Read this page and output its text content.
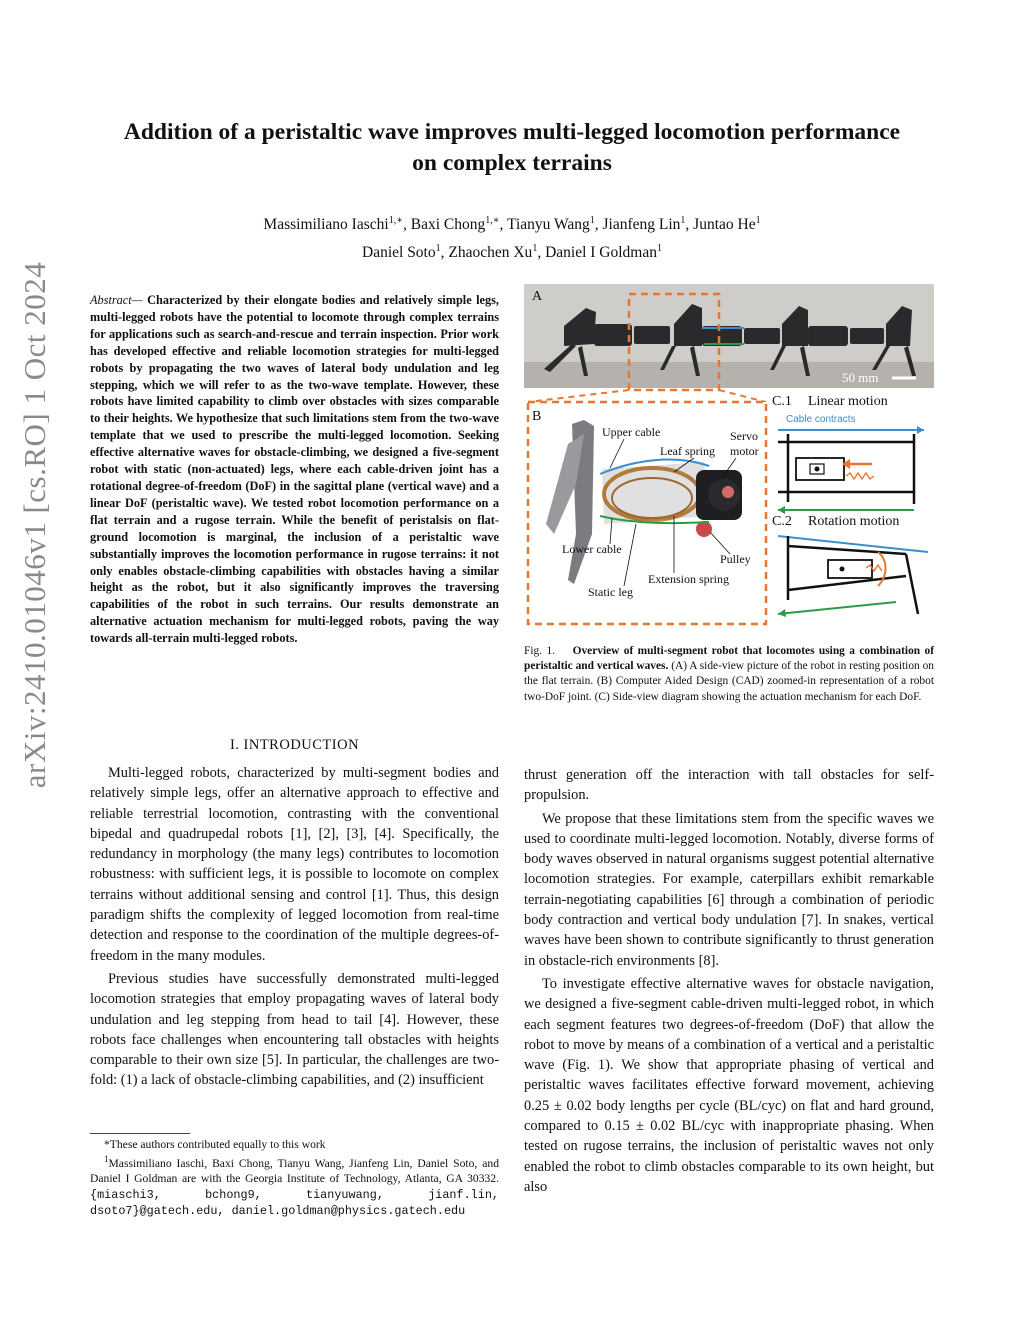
arXiv:2410.01046v1 [cs.RO] 1 Oct 2024
Addition of a peristaltic wave improves multi-legged locomotion performance on complex terrains
Massimiliano Iaschi$^{1,∗}$, Baxi Chong$^{1,∗}$, Tianyu Wang$^1$, Jianfeng Lin$^1$, Juntao He$^1$
Daniel Soto$^1$, Zhaochen Xu$^1$, Daniel I Goldman$^1$
Abstract— Characterized by their elongate bodies and relatively simple legs, multi-legged robots have the potential to locomote through complex terrains for applications such as search-and-rescue and terrain inspection. Prior work has developed effective and reliable locomotion strategies for multi-legged robots by propagating the two waves of lateral body undulation and leg stepping, which we will refer to as the two-wave template. However, these robots have limited capability to climb over obstacles with sizes comparable to their heights. We hypothesize that such limitations stem from the two-wave template that we used to prescribe the multi-legged locomotion. Seeking effective alternative waves for obstacle-climbing, we designed a five-segment robot with static (non-actuated) legs, where each cable-driven joint has a rotational degree-of-freedom (DoF) in the sagittal plane (vertical wave) and a linear DoF (peristaltic wave). We tested robot locomotion performance on a flat terrain and a rugose terrain. While the benefit of peristalsis on flat-ground locomotion is marginal, the inclusion of a peristaltic wave substantially improves the locomotion performance in rugose terrains: it not only enables obstacle-climbing capabilities with obstacles having a similar height as the robot, but it also significantly improves the traversing capabilities of the robot in such terrains. Our results demonstrate an alternative actuation mechanism for multi-legged robots, paving the way towards all-terrain multi-legged robots.
I. INTRODUCTION

Multi-legged robots, characterized by multi-segment bodies and relatively simple legs, offer an alternative approach to effective and reliable terrestrial locomotion, contrasting with the conventional bipedal and quadrupedal robots [1], [2], [3], [4]. Specifically, the redundancy in morphology (the many legs) contributes to locomotion robustness: with sufficient legs, it is possible to locomote on complex terrains without additional sensing and control [1]. Thus, this design paradigm shifts the complexity of legged locomotion from real-time detection and response to the coordination of the multiple degrees-of-freedom in the many modules.

Previous studies have successfully demonstrated multi-legged locomotion strategies that employ propagating waves of lateral body undulation and leg stepping from head to tail [4]. However, these robots face challenges when encountering tall obstacles with heights comparable to their own size [5]. In particular, the challenges are two-fold: (1) a lack of obstacle-climbing capabilities, and (2) insufficient

*These authors contributed equally to this work

$^1$Massimiliano Iaschi, Baxi Chong, Tianyu Wang, Jianfeng Lin, Daniel Soto, and Daniel I Goldman are with the Georgia Institute of Technology, Atlanta, GA 30332. {miaschi3, bchong9, tianyuwang, jianf.lin, dsoto7}@gatech.edu, daniel.goldman@physics.gatech.edu

A
50 mm
B
Upper cable	Servo
motor
Leaf spring
Lower cable
Pulley
Extension spring
Static leg
C.1 Linear motion
C.2 Rotation motion
Cable contracts
Fig. 1. Overview of multi-segment robot that locomotes using a combination of peristaltic and vertical waves. (A) A side-view picture of the robot in resting position on the flat terrain. (B) Computer Aided Design (CAD) zoomed-in representation of a robot two-DoF joint. (C) Side-view diagram showing the actuation mechanism for each DoF.

thrust generation off the interaction with tall obstacles for self-propulsion.

We propose that these limitations stem from the specific waves we used to coordinate multi-legged locomotion. Notably, diverse forms of body waves observed in natural organisms suggest potential alternative locomotion strategies. For example, caterpillars exhibit remarkable terrain-negotiating capabilities [6] through a combination of periodic body contraction and vertical body undulation [7]. In snakes, vertical waves have been shown to contribute significantly to thrust generation in obstacle-rich environments [8].

To investigate effective alternative waves for obstacle navigation, we designed a five-segment cable-driven multi-legged robot, in which each segment features two degrees-of-freedom (DoF) that allow the robot to move by means of a combination of a vertical and a peristaltic wave (Fig. 1). We show that appropriate phasing of vertical and peristaltic waves facilitates effective forward movement, achieving 0.25 ± 0.02 body lengths per cycle (BL/cyc) on flat and hard ground, compared to 0.15 ± 0.02 BL/cyc with inappropriate phasing. When tested on rugose terrains, the inclusion of peristaltic waves not only enabled the robot to climb obstacles comparable to its own height, but also
